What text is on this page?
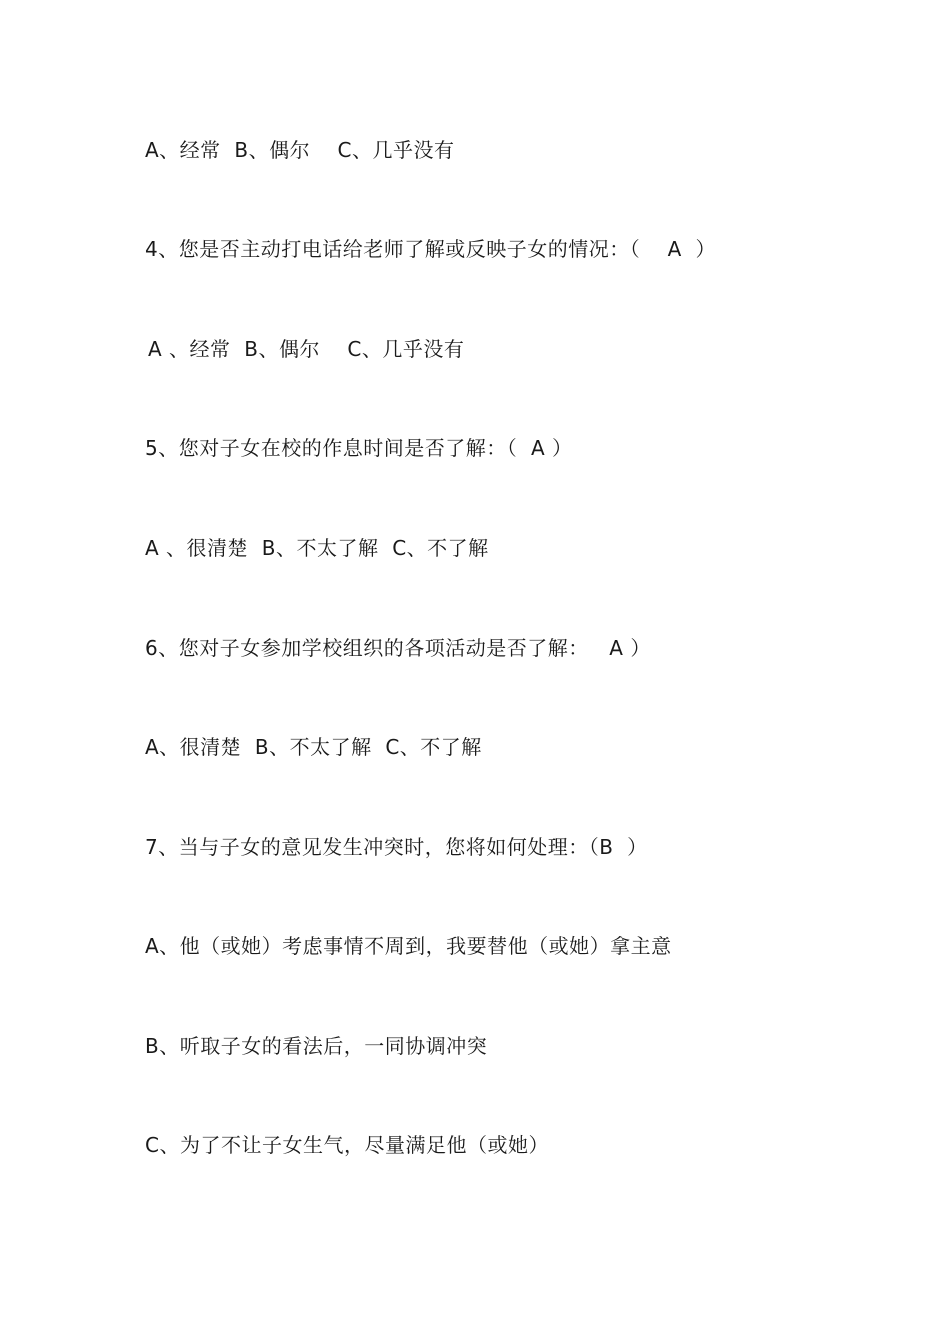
A、经常  B、偶尔    C、几乎没有
4、您是否主动打电话给老师了解或反映子女的情况：（    A  ）
A 、经常  B、偶尔    C、几乎没有
5、您对子女在校的作息时间是否了解：（  A ）
A 、很清楚  B、不太了解  C、不了解
6、您对子女参加学校组织的各项活动是否了解：   A ）
A、很清楚  B、不太了解  C、不了解
7、当与子女的意见发生冲突时，您将如何处理：（B  ）
A、他（或她）考虑事情不周到，我要替他（或她）拿主意
B、听取子女的看法后，一同协调冲突
C、为了不让子女生气，尽量满足他（或她）
